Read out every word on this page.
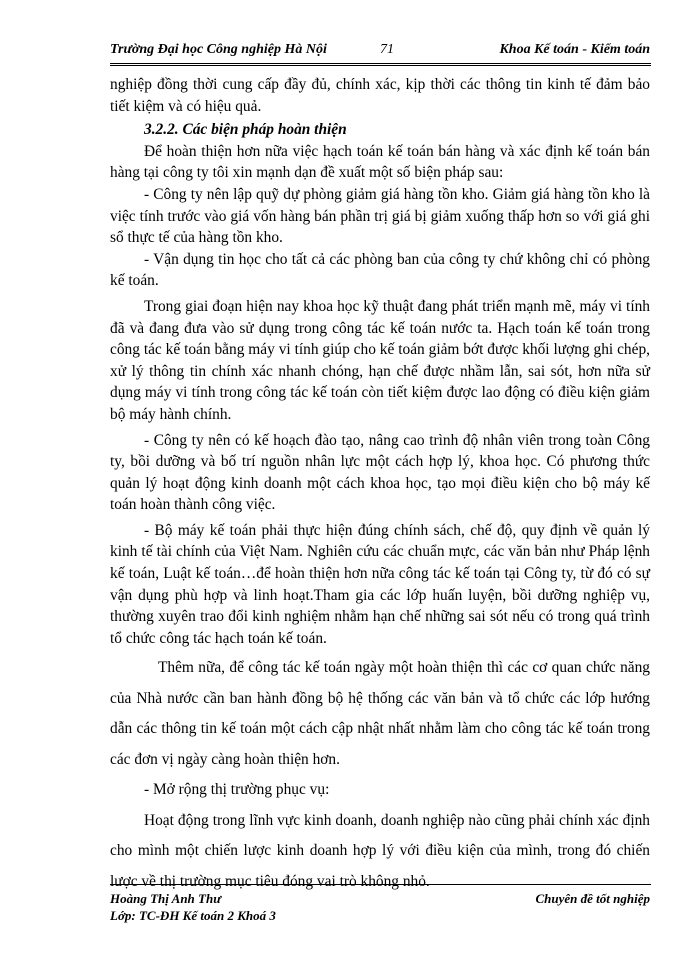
Trường Đại học Công nghiệp Hà Nội	71	Khoa Kế toán - Kiểm toán

nghiệp đồng thời cung cấp đầy đủ, chính xác, kịp thời các thông tin kinh tế đảm bảo tiết kiệm và có hiệu quả.

3.2.2. Các biện pháp hoàn thiện

Để hoàn thiện hơn nữa việc hạch toán kế toán bán hàng và xác định kế toán bán hàng tại công ty tôi xin mạnh dạn đề xuất một số biện pháp sau:

- Công ty nên lập quỹ dự phòng giảm giá hàng tồn kho. Giảm giá hàng tồn kho là việc tính trước vào giá vốn hàng bán phần trị giá bị giảm xuống thấp hơn so với giá ghi sổ thực tế của hàng tồn kho.

- Vận dụng tin học cho tất cả các phòng ban của công ty chứ không chỉ có phòng kế toán.

Trong giai đoạn hiện nay khoa học kỹ thuật đang phát triển mạnh mẽ, máy vi tính đã và đang đưa vào sử dụng trong công tác kế toán nước ta. Hạch toán kế toán trong công tác kế toán bằng máy vi tính giúp cho kế toán giảm bớt được khối lượng ghi chép, xử lý thông tin chính xác nhanh chóng, hạn chế được nhầm lẫn, sai sót, hơn nữa sử dụng máy vi tính trong công tác kế toán còn tiết kiệm được lao động có điều kiện giảm bộ máy hành chính.

- Công ty nên có kế hoạch đào tạo, nâng cao trình độ nhân viên trong toàn Công ty, bồi dưỡng và bố trí nguồn nhân lực một cách hợp lý, khoa học. Có phương thức quản lý hoạt động kinh doanh một cách khoa học, tạo mọi điều kiện cho bộ máy kế toán hoàn thành công việc.

- Bộ máy kế toán phải thực hiện đúng chính sách, chế độ, quy định về quản lý kinh tế tài chính của Việt Nam. Nghiên cứu các chuẩn mực, các văn bản như Pháp lệnh kế toán, Luật kế toán…để hoàn thiện hơn nữa công tác kế toán tại Công ty, từ đó có sự vận dụng phù hợp và linh hoạt.Tham gia các lớp huấn luyện, bồi dưỡng nghiệp vụ, thường xuyên trao đổi kinh nghiệm nhằm hạn chế những sai sót nếu có trong quá trình tổ chức công tác hạch toán kế toán.

Thêm nữa, để công tác kế toán ngày một hoàn thiện thì các cơ quan chức năng của Nhà nước cần ban hành đồng bộ hệ thống các văn bản và tổ chức các lớp hướng dẫn các thông tin kế toán một cách cập nhật nhất nhằm làm cho công tác kế toán trong các đơn vị ngày càng hoàn thiện hơn.

- Mở rộng thị trường phục vụ:

Hoạt động trong lĩnh vực kinh doanh, doanh nghiệp nào cũng phải chính xác định cho mình một chiến lược kinh doanh hợp lý với điều kiện của mình, trong đó chiến lược về thị trường mục tiêu đóng vai trò không nhỏ.

Hoàng Thị Anh Thư
Lớp: TC-ĐH Kế toán 2 Khoá 3
Chuyên đề tốt nghiệp
